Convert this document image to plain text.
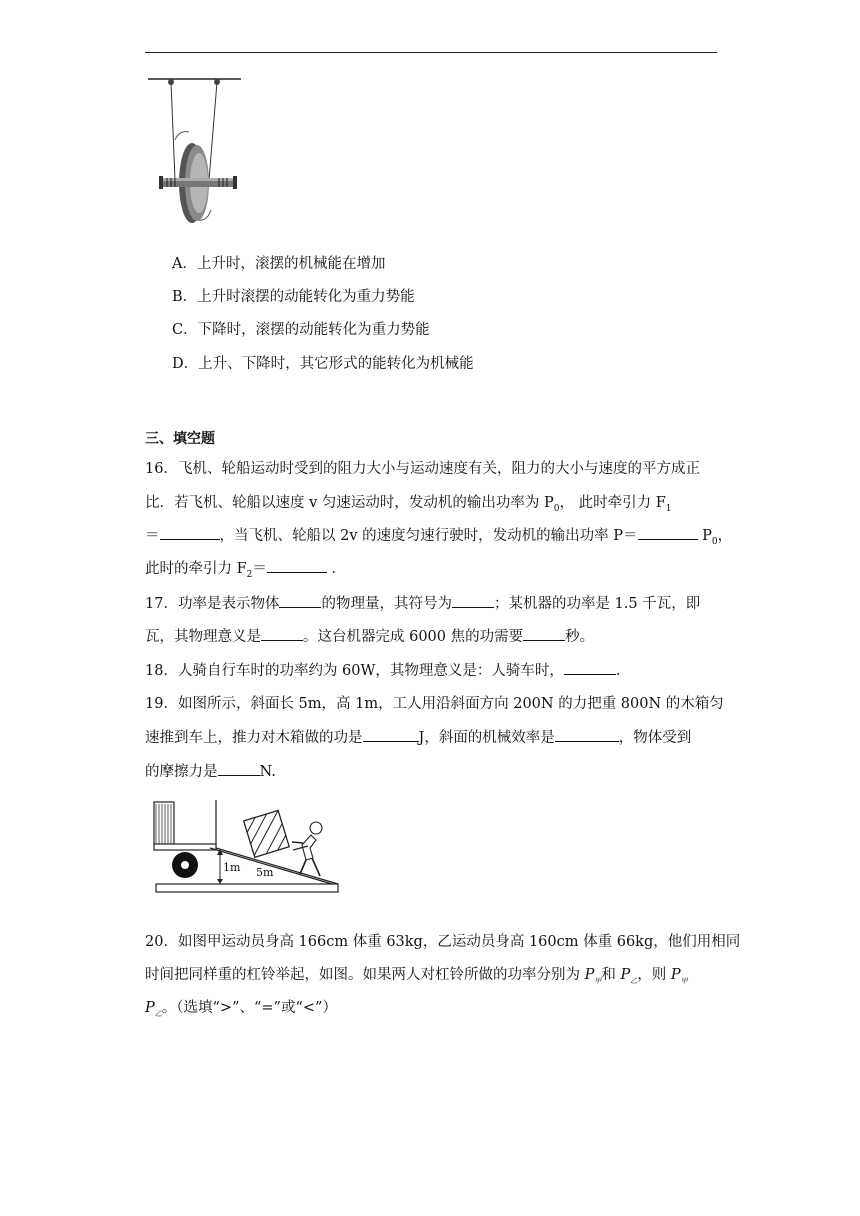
A．上升时，滚摆的机械能在增加
B．上升时滚摆的动能转化为重力势能
C．下降时，滚摆的动能转化为重力势能
D．上升、下降时，其它形式的能转化为机械能
三、填空题
16．飞机、轮船运动时受到的阻力大小与运动速度有关，阻力的大小与速度的平方成正
比．若飞机、轮船以速度 v 匀速运动时，发动机的输出功率为 $P_0$， 此时牵引力 $F_1$
＝	，当飞机、轮船以 2v 的速度匀速行驶时，发动机的输出功率 P＝	$P_0$，
此时的牵引力 $F_2=$	．
17．功率是表示物体	的物理量，其符号为	；某机器的功率是 1.5 千瓦，即
瓦，其物理意义是	。这台机器完成 6000 焦的功需要	秒。
18．人骑自行车时的功率约为 60W，其物理意义是：人骑车时，	.
19．如图所示，斜面长 5m，高 1m，工人用沿斜面方向 200N 的力把重 800N 的木箱匀
速推到车上，推力对木箱做的功是	J，斜面的机械效率是	，物体受到
的摩擦力是	N.
1m 5m
20．如图甲运动员身高 166cm 体重 63kg，乙运动员身高 160cm 体重 66kg，他们用相同
时间把同样重的杠铃举起，如图。如果两人对杠铃所做的功率分别为 $P_甲$和 $P_乙$，则 $P_甲$
$P_乙$。（选填“>”、“=”或“<”）
